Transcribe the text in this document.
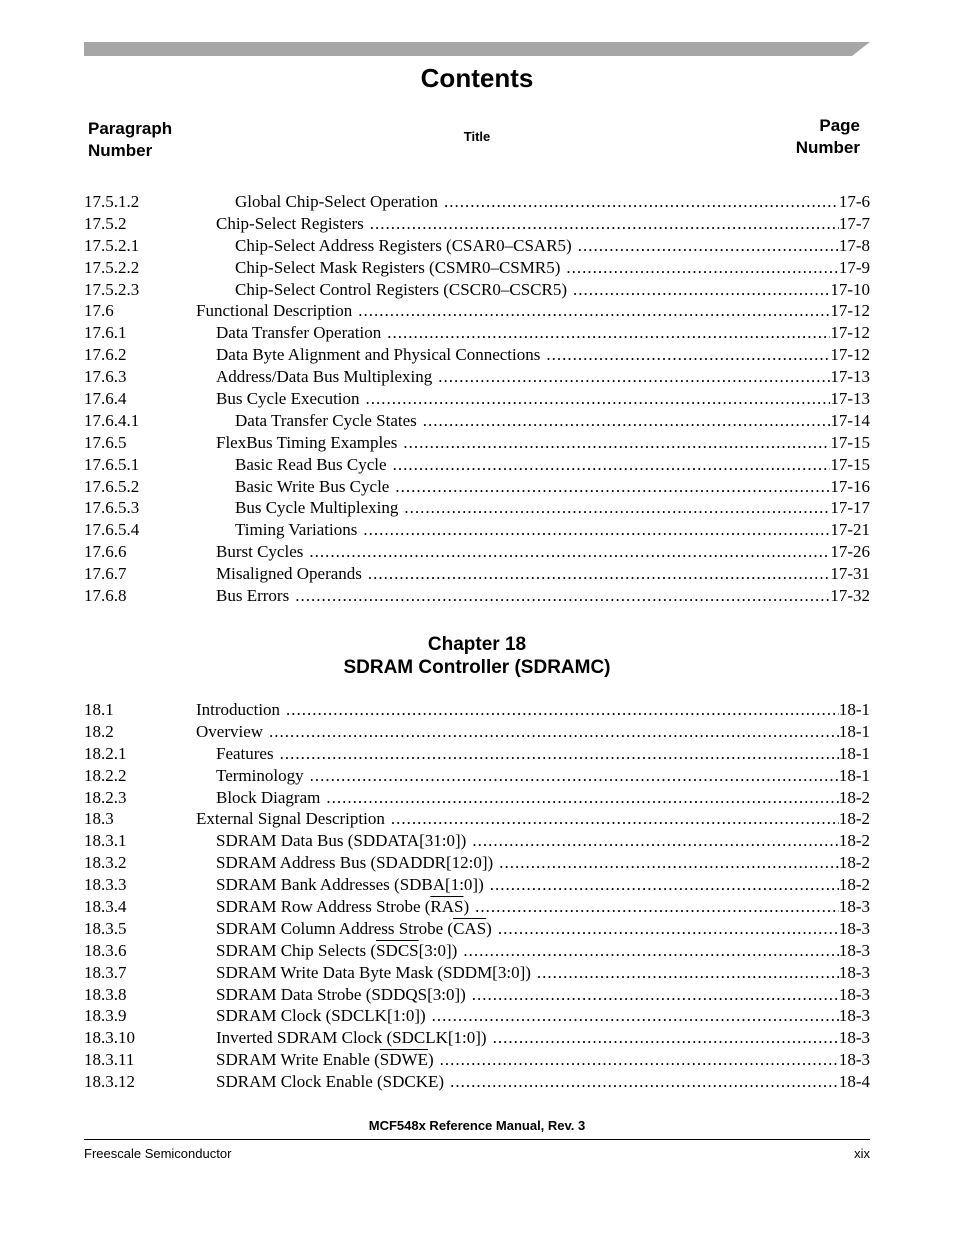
Contents
Paragraph
Number
Title
Page
Number
17.5.1.2	Global Chip-Select Operation .....	17-6
17.5.2	Chip-Select Registers .....	17-7
17.5.2.1	Chip-Select Address Registers (CSAR0–CSAR5) .....	17-8
17.5.2.2	Chip-Select Mask Registers (CSMR0–CSMR5) .....	17-9
17.5.2.3	Chip-Select Control Registers (CSCR0–CSCR5) .....	17-10
17.6	Functional Description .....	17-12
17.6.1	Data Transfer Operation .....	17-12
17.6.2	Data Byte Alignment and Physical Connections .....	17-12
17.6.3	Address/Data Bus Multiplexing .....	17-13
17.6.4	Bus Cycle Execution .....	17-13
17.6.4.1	Data Transfer Cycle States .....	17-14
17.6.5	FlexBus Timing Examples .....	17-15
17.6.5.1	Basic Read Bus Cycle .....	17-15
17.6.5.2	Basic Write Bus Cycle .....	17-16
17.6.5.3	Bus Cycle Multiplexing .....	17-17
17.6.5.4	Timing Variations .....	17-21
17.6.6	Burst Cycles .....	17-26
17.6.7	Misaligned Operands .....	17-31
17.6.8	Bus Errors .....	17-32
Chapter 18
SDRAM Controller (SDRAMC)
18.1	Introduction .....	18-1
18.2	Overview .....	18-1
18.2.1	Features .....	18-1
18.2.2	Terminology .....	18-1
18.2.3	Block Diagram .....	18-2
18.3	External Signal Description .....	18-2
18.3.1	SDRAM Data Bus (SDDATA[31:0]) .....	18-2
18.3.2	SDRAM Address Bus (SDADDR[12:0]) .....	18-2
18.3.3	SDRAM Bank Addresses (SDBA[1:0]) .....	18-2
18.3.4	SDRAM Row Address Strobe $(\overline{RAS})$ .....	18-3
18.3.5	SDRAM Column Address Strobe $(\overline{CAS})$ .....	18-3
18.3.6	SDRAM Chip Selects (SDCS[3:0]) .....	18-3
18.3.7	SDRAM Write Data Byte Mask (SDDM[3:0]) .....	18-3
18.3.8	SDRAM Data Strobe (SDDQS[3:0]) .....	18-3
18.3.9	SDRAM Clock (SDCLK[1:0]) .....	18-3
18.3.10	Inverted SDRAM Clock (SDCLK[1:0]) .....	18-3
18.3.11	SDRAM Write Enable (SDWE) .....	18-3
18.3.12	SDRAM Clock Enable (SDCKE) .....	18-4
MCF548x Reference Manual, Rev. 3
Freescale Semiconductor	xix
